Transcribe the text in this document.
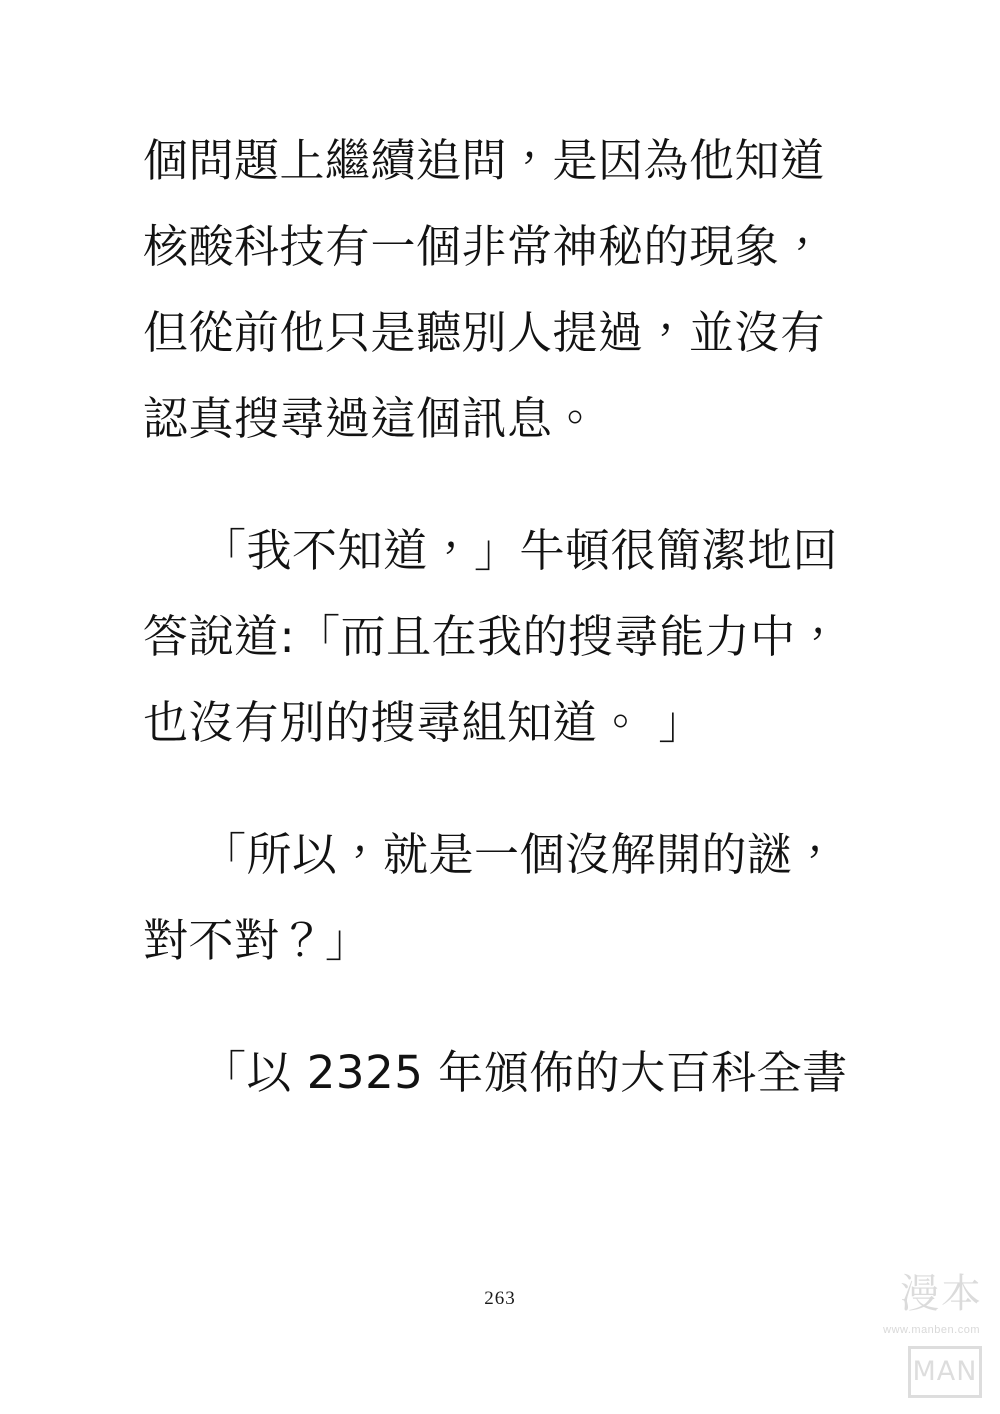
個問題上繼續追問，是因為他知道核酸科技有一個非常神秘的現象，但從前他只是聽別人提過，並沒有認真搜尋過這個訊息。

「我不知道，」牛頓很簡潔地回答說道:「而且在我的搜尋能力中，也沒有別的搜尋組知道。 」

「所以，就是一個沒解開的謎，對不對？」

「以 2325 年頒佈的大百科全書

263	漫本
www.manben.com
MAN
